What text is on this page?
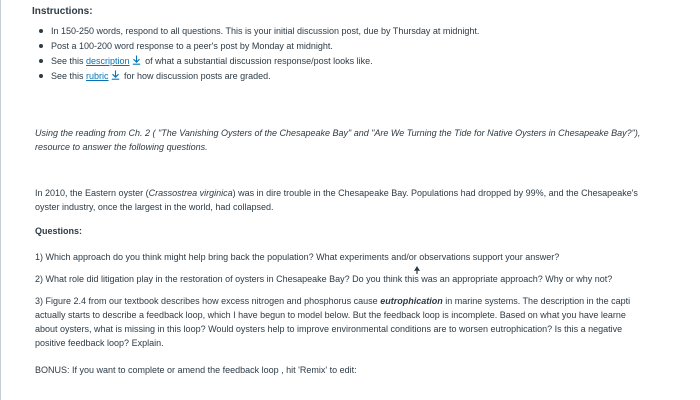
Instructions:
In 150-250 words, respond to all questions. This is your initial discussion post, due by Thursday at midnight.
Post a 100-200 word response to a peer's post by Monday at midnight.
See this description of what a substantial discussion response/post looks like.
See this rubric for how discussion posts are graded.
Using the reading from Ch. 2 ( "The Vanishing Oysters of the Chesapeake Bay" and "Are We Turning the Tide for Native Oysters in Chesapeake Bay?"),
resource to answer the following questions.
In 2010, the Eastern oyster (Crassostrea virginica) was in dire trouble in the Chesapeake Bay. Populations had dropped by 99%, and the Chesapeake's
oyster industry, once the largest in the world, had collapsed.
Questions:
1) Which approach do you think might help bring back the population? What experiments and/or observations support your answer?
2) What role did litigation play in the restoration of oysters in Chesapeake Bay? Do you think this was an appropriate approach? Why or why not?
3) Figure 2.4 from our textbook describes how excess nitrogen and phosphorus cause eutrophication in marine systems. The description in the capti
actually starts to describe a feedback loop, which I have begun to model below. But the feedback loop is incomplete. Based on what you have learne
about oysters, what is missing in this loop? Would oysters help to improve environmental conditions are to worsen eutrophication? Is this a negative
positive feedback loop? Explain.
BONUS: If you want to complete or amend the feedback loop , hit 'Remix' to edit:
